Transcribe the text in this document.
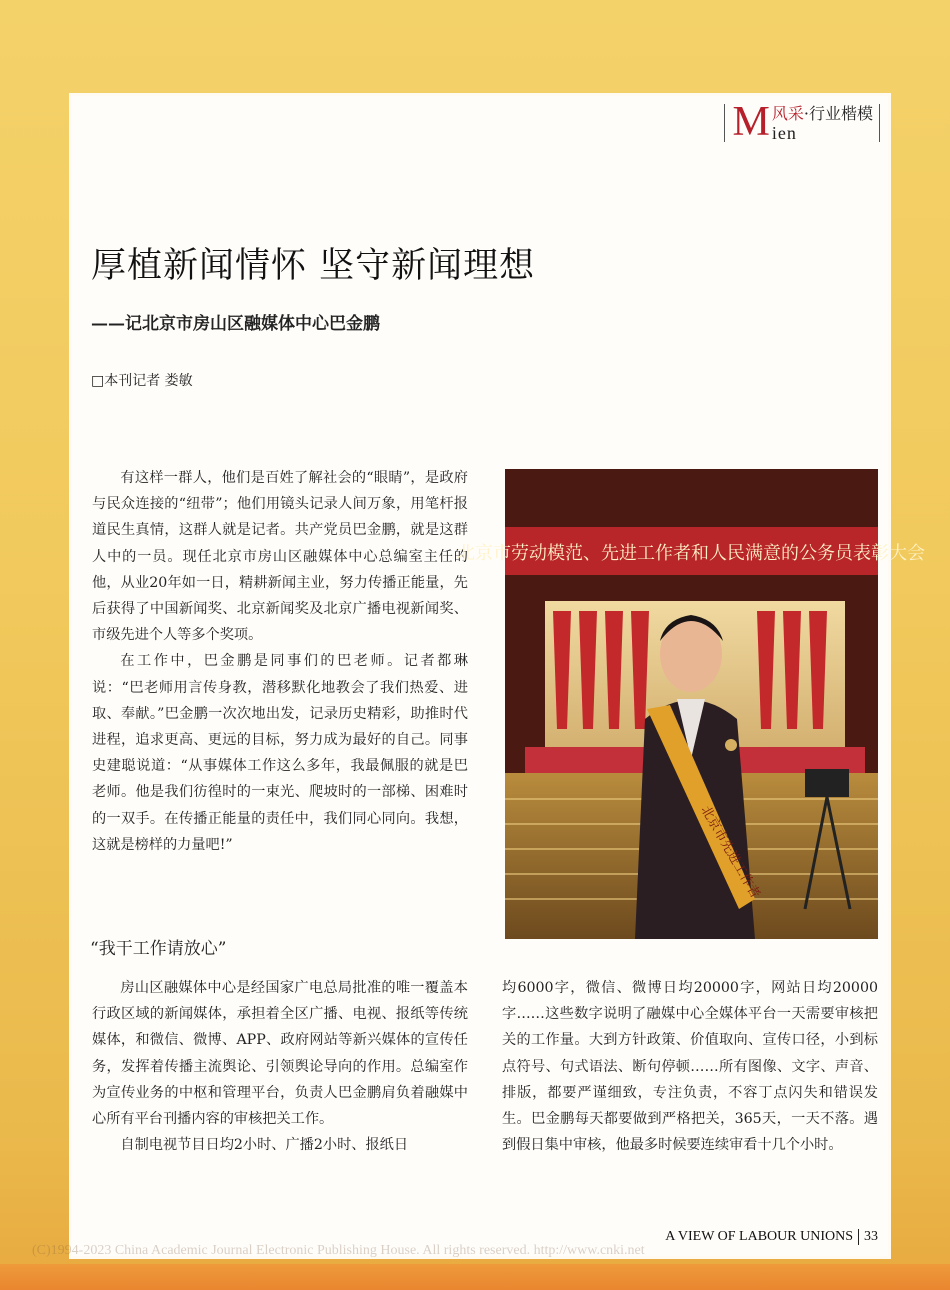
M 风采·行业楷模
ien
厚植新闻情怀 坚守新闻理想
——记北京市房山区融媒体中心巴金鹏
□本刊记者 娄敏

有这样一群人，他们是百姓了解社会的“眼睛”，是政府与民众连接的“纽带”；他们用镜头记录人间万象，用笔杆报道民生真情，这群人就是记者。共产党员巴金鹏，就是这群人中的一员。现任北京市房山区融媒体中心总编室主任的他，从业20年如一日，精耕新闻主业，努力传播正能量，先后获得了中国新闻奖、北京新闻奖及北京广播电视新闻奖、市级先进个人等多个奖项。

在工作中，巴金鹏是同事们的巴老师。记者都琳说：“巴老师用言传身教，潜移默化地教会了我们热爱、进取、奉献。”巴金鹏一次次地出发，记录历史精彩，助推时代进程，追求更高、更远的目标，努力成为最好的自己。同事史建聪说道：“从事媒体工作这么多年，我最佩服的就是巴老师。他是我们彷徨时的一束光、爬坡时的一部梯、困难时的一双手。在传播正能量的责任中，我们同心同向。我想，这就是榜样的力量吧!”

北京市劳动模范、先进工作者和人民满意的公务员表彰大会
北京市先进工作者
“我干工作请放心”

房山区融媒体中心是经国家广电总局批准的唯一覆盖本行政区域的新闻媒体，承担着全区广播、电视、报纸等传统媒体，和微信、微博、APP、政府网站等新兴媒体的宣传任务，发挥着传播主流舆论、引领舆论导向的作用。总编室作为宣传业务的中枢和管理平台，负责人巴金鹏肩负着融媒中心所有平台刊播内容的审核把关工作。

自制电视节目日均2小时、广播2小时、报纸日

均6000字，微信、微博日均20000字，网站日均20000字……这些数字说明了融媒中心全媒体平台一天需要审核把关的工作量。大到方针政策、价值取向、宣传口径，小到标点符号、句式语法、断句停顿……所有图像、文字、声音、排版，都要严谨细致，专注负责，不容丁点闪失和错误发生。巴金鹏每天都要做到严格把关，365天，一天不落。遇到假日集中审核，他最多时候要连续审看十几个小时。

A VIEW OF LABOUR UNIONS 33
(C)1994-2023 China Academic Journal Electronic Publishing House. All rights reserved. http://www.cnki.net
